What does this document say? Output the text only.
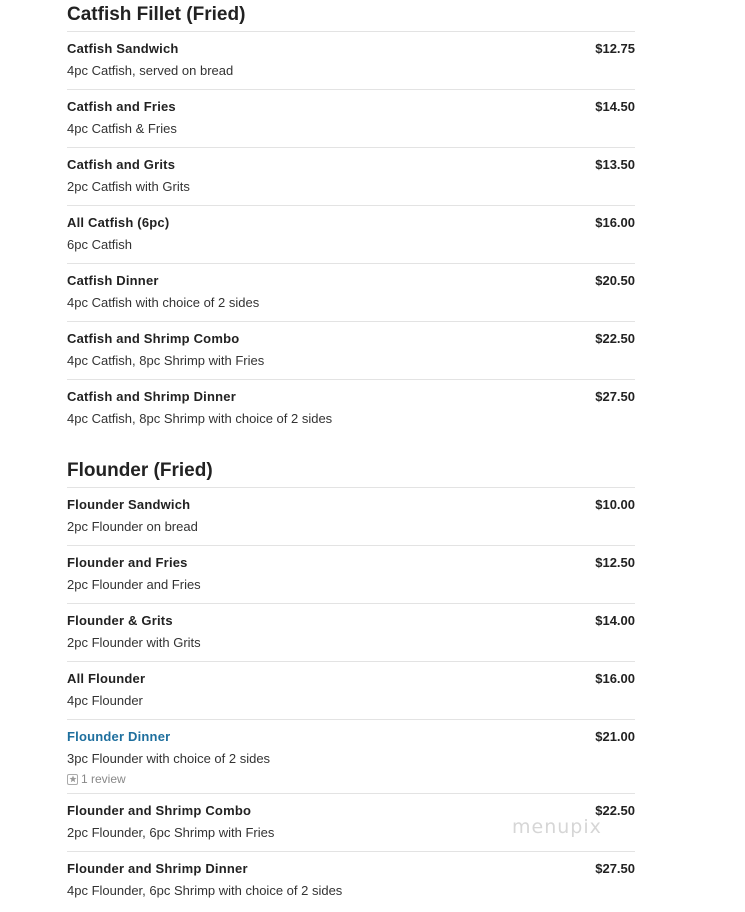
Catfish Fillet (Fried)
Catfish Sandwich
4pc Catfish, served on bread
$12.75
Catfish and Fries
4pc Catfish & Fries
$14.50
Catfish and Grits
2pc Catfish with Grits
$13.50
All Catfish (6pc)
6pc Catfish
$16.00
Catfish Dinner
4pc Catfish with choice of 2 sides
$20.50
Catfish and Shrimp Combo
4pc Catfish, 8pc Shrimp with Fries
$22.50
Catfish and Shrimp Dinner
4pc Catfish, 8pc Shrimp with choice of 2 sides
$27.50
Flounder (Fried)
Flounder Sandwich
2pc Flounder on bread
$10.00
Flounder and Fries
2pc Flounder and Fries
$12.50
Flounder & Grits
2pc Flounder with Grits
$14.00
All Flounder
4pc Flounder
$16.00
Flounder Dinner
3pc Flounder with choice of 2 sides
1 review
$21.00
Flounder and Shrimp Combo
2pc Flounder, 6pc Shrimp with Fries
$22.50
Flounder and Shrimp Dinner
4pc Flounder, 6pc Shrimp with choice of 2 sides
$27.50
menupix
